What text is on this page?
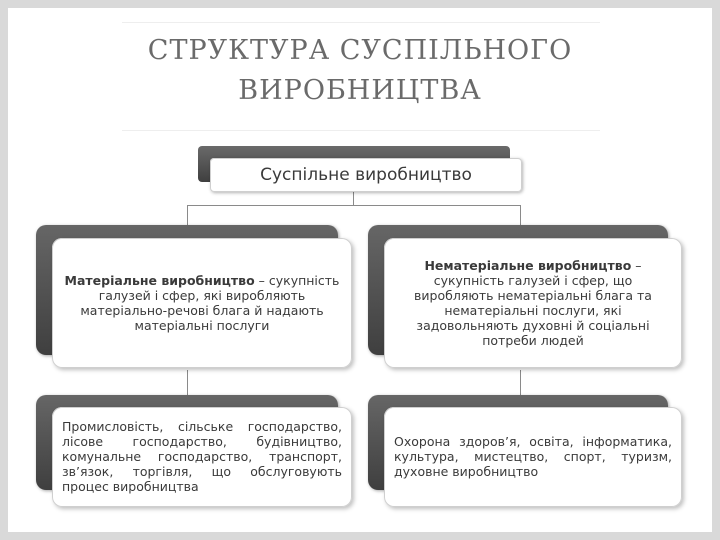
СТРУКТУРА СУСПІЛЬНОГО
ВИРОБНИЦТВА
Суспільне виробництво
Матеріальне виробництво – сукупність галузей і сфер, які виробляють матеріально-речові блага й надають матеріальні послуги
Нематеріальне виробництво – сукупність галузей і сфер, що виробляють нематеріальні блага та нематеріальні послуги, які задовольняють духовні й соціальні потреби людей
Промисловість, сільське господарство, лісове господарство, будівництво, комунальне господарство, транспорт, зв’язок, торгівля, що обслуговують процес виробництва
Охорона здоров’я, освіта, інформатика, культура, мистецтво, спорт, туризм, духовне виробництво
